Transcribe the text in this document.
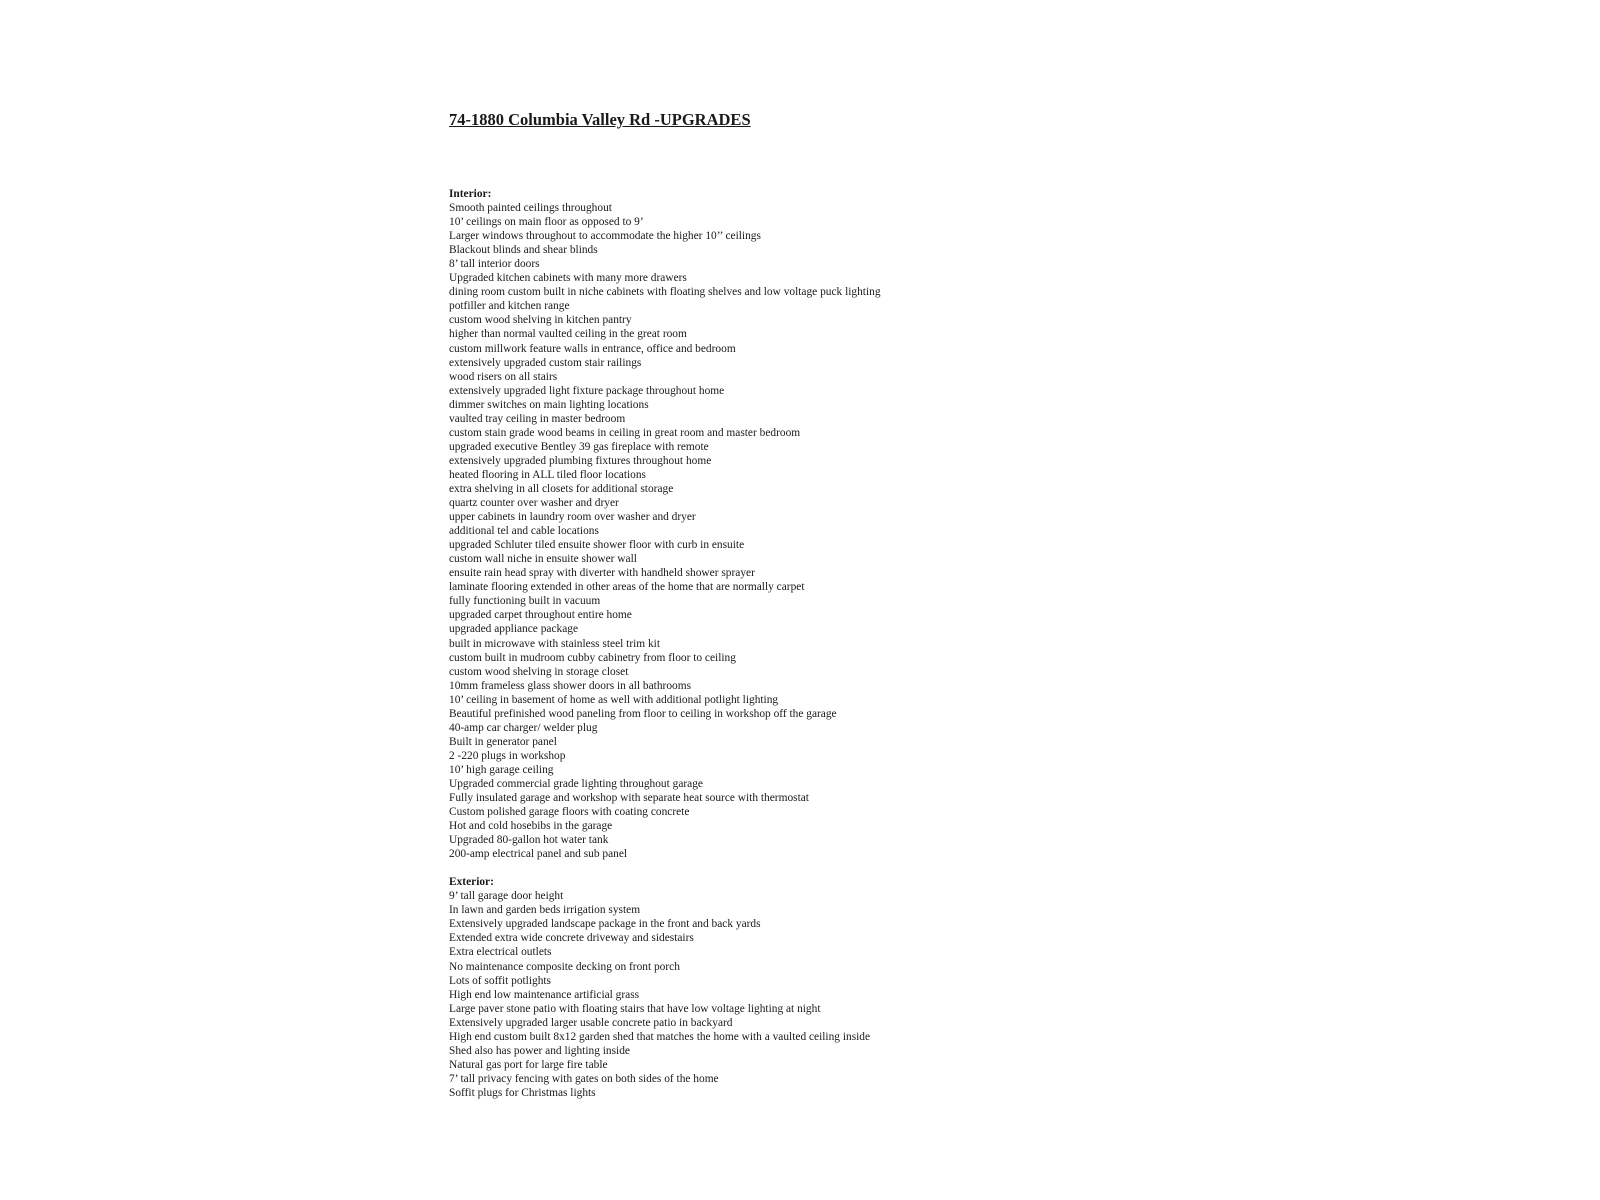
74-1880 Columbia Valley Rd -UPGRADES
Interior:
Smooth painted ceilings throughout
10’ ceilings on main floor as opposed to 9’
Larger windows throughout to accommodate the higher 10’’ ceilings
Blackout blinds and shear blinds
8’ tall interior doors
Upgraded kitchen cabinets with many more drawers
dining room custom built in niche cabinets with floating shelves and low voltage puck lighting
potfiller and kitchen range
custom wood shelving in kitchen pantry
higher than normal vaulted ceiling in the great room
custom millwork feature walls in entrance, office and bedroom
extensively upgraded custom stair railings
wood risers on all stairs
extensively upgraded light fixture package throughout home
dimmer switches on main lighting locations
vaulted tray ceiling in master bedroom
custom stain grade wood beams in ceiling in great room and master bedroom
upgraded executive Bentley 39 gas fireplace with remote
extensively upgraded plumbing fixtures throughout home
heated flooring in ALL tiled floor locations
extra shelving in all closets for additional storage
quartz counter over washer and dryer
upper cabinets in laundry room over washer and dryer
additional tel and cable locations
upgraded Schluter tiled ensuite shower floor with curb in ensuite
custom wall niche in ensuite shower wall
ensuite rain head spray with diverter with handheld shower sprayer
laminate flooring extended in other areas of the home that are normally carpet
fully functioning built in vacuum
upgraded carpet throughout entire home
upgraded appliance package
built in microwave with stainless steel trim kit
custom built in mudroom cubby cabinetry from floor to ceiling
custom wood shelving in storage closet
10mm frameless glass shower doors in all bathrooms
10’ ceiling in basement of home as well with additional potlight lighting
Beautiful prefinished wood paneling from floor to ceiling in workshop off the garage
40-amp car charger/ welder plug
Built in generator panel
2 -220 plugs in workshop
10’ high garage ceiling
Upgraded commercial grade lighting throughout garage
Fully insulated garage and workshop with separate heat source with thermostat
Custom polished garage floors with coating concrete
Hot and cold hosebibs in the garage
Upgraded 80-gallon hot water tank
200-amp electrical panel and sub panel
Exterior:
9’ tall garage door height
In lawn and garden beds irrigation system
Extensively upgraded landscape package in the front and back yards
Extended extra wide concrete driveway and sidestairs
Extra electrical outlets
No maintenance composite decking on front porch
Lots of soffit potlights
High end low maintenance artificial grass
Large paver stone patio with floating stairs that have low voltage lighting at night
Extensively upgraded larger usable concrete patio in backyard
High end custom built 8x12 garden shed that matches the home with a vaulted ceiling inside
Shed also has power and lighting inside
Natural gas port for large fire table
7’ tall privacy fencing with gates on both sides of the home
Soffit plugs for Christmas lights
